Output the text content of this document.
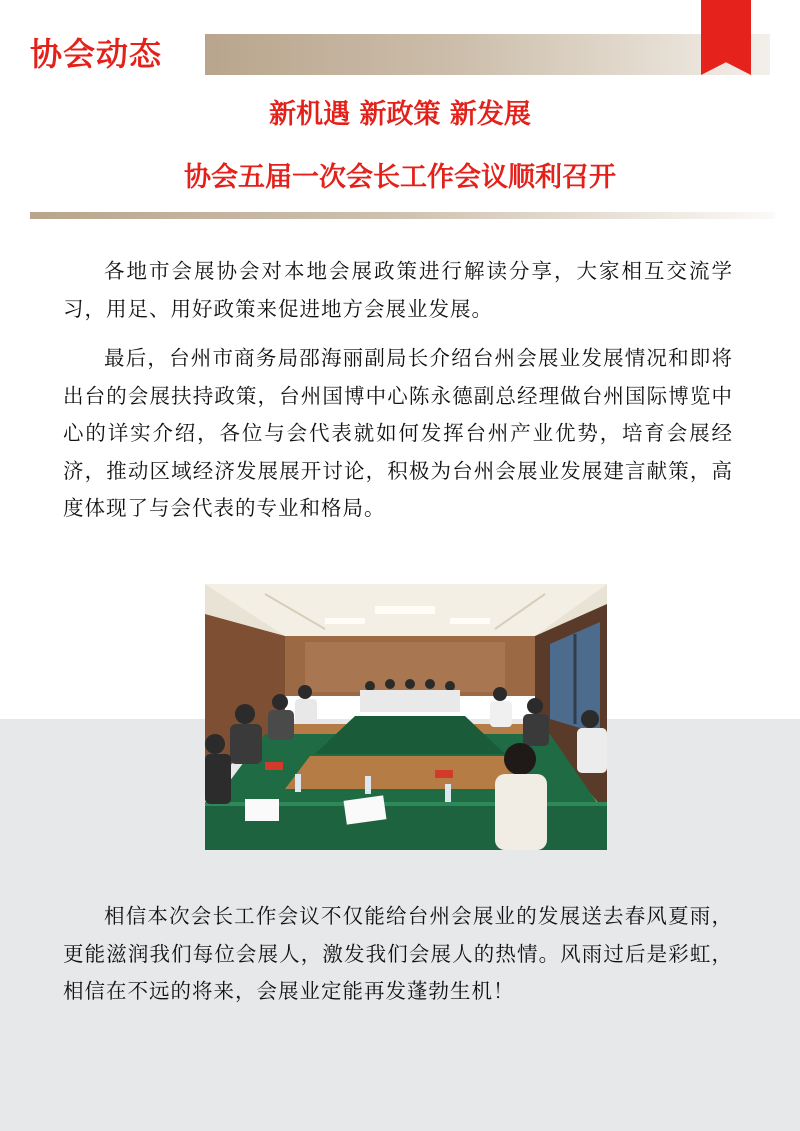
协会动态
新机遇 新政策 新发展
协会五届一次会长工作会议顺利召开

各地市会展协会对本地会展政策进行解读分享，大家相互交流学习，用足、用好政策来促进地方会展业发展。

最后，台州市商务局邵海丽副局长介绍台州会展业发展情况和即将出台的会展扶持政策，台州国博中心陈永德副总经理做台州国际博览中心的详实介绍，各位与会代表就如何发挥台州产业优势，培育会展经济，推动区域经济发展展开讨论，积极为台州会展业发展建言献策，高度体现了与会代表的专业和格局。

相信本次会长工作会议不仅能给台州会展业的发展送去春风夏雨，更能滋润我们每位会展人，激发我们会展人的热情。风雨过后是彩虹，相信在不远的将来，会展业定能再发蓬勃生机！
